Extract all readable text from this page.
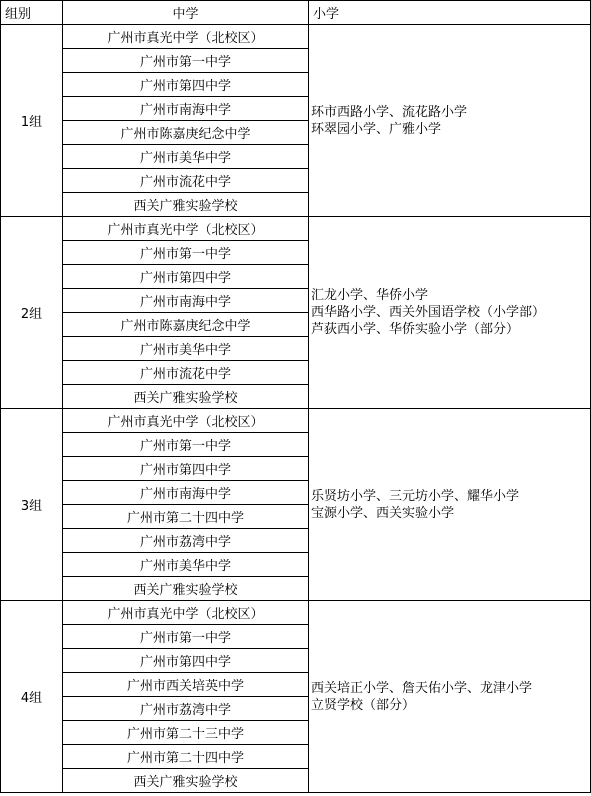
组别	中学	小学
1组	广州市真光中学（北校区）	环市西路小学、流花路小学
环翠园小学、广雅小学

	广州市第一中学	
	广州市第四中学	
	广州市南海中学	
	广州市陈嘉庚纪念中学	
	广州市美华中学	
	广州市流花中学	
	西关广雅实验学校	
2组	广州市真光中学（北校区）	汇龙小学、华侨小学
西华路小学、西关外国语学校（小学部）
芦荻西小学、华侨实验小学（部分）

	广州市第一中学	
	广州市第四中学	
	广州市南海中学	
	广州市陈嘉庚纪念中学	
	广州市美华中学	
	广州市流花中学	
	西关广雅实验学校	
3组	广州市真光中学（北校区）	乐贤坊小学、三元坊小学、耀华小学
宝源小学、西关实验小学

	广州市第一中学	
	广州市第四中学	
	广州市南海中学	
	广州市第二十四中学	
	广州市荔湾中学	
	广州市美华中学	
	西关广雅实验学校	
4组	广州市真光中学（北校区）	西关培正小学、詹天佑小学、龙津小学
立贤学校（部分）

	广州市第一中学	
	广州市第四中学	
	广州市西关培英中学	
	广州市荔湾中学	
	广州市第二十三中学	
	广州市第二十四中学	
	西关广雅实验学校	
